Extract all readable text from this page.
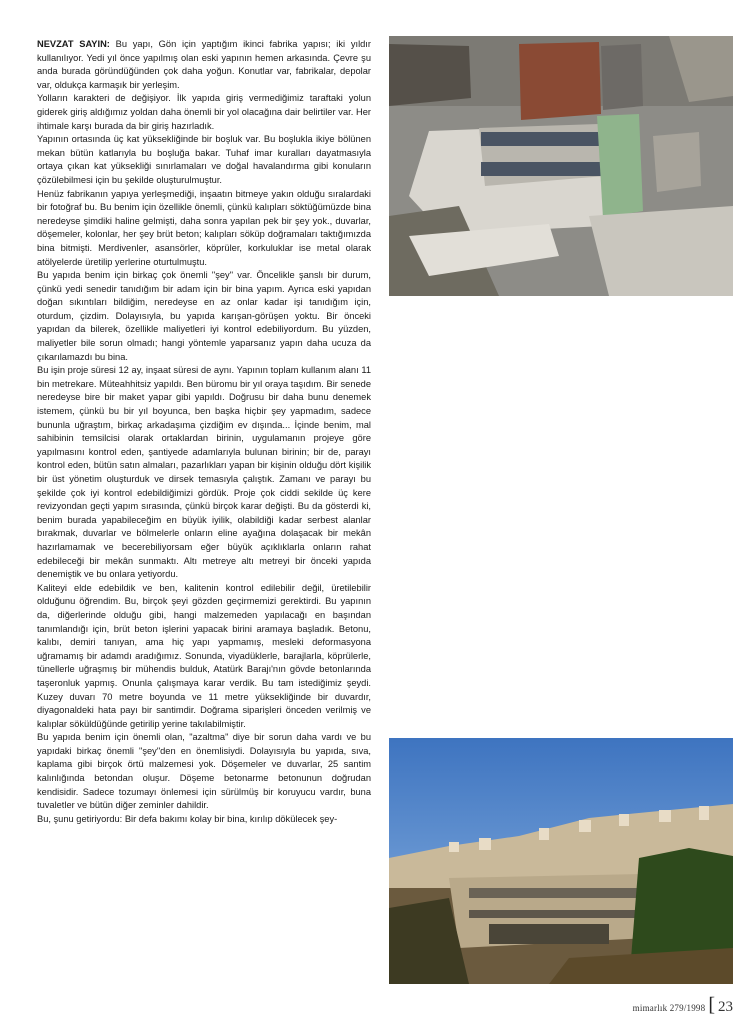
NEVZAT SAYIN: Bu yapı, Gön için yaptığım ikinci fabrika yapısı; iki yıldır kullanılıyor. Yedi yıl önce yapılmış olan eski yapının hemen arkasında. Çevre şu anda burada göründüğünden çok daha yoğun. Konutlar var, fabrikalar, depolar var, oldukça karmaşık bir yerleşim.

Yolların karakteri de değişiyor. İlk yapıda giriş vermediğimiz taraftaki yolun giderek giriş aldığımız yoldan daha önemli bir yol olacağına dair belirtiler var. Her ihtimale karşı burada da bir giriş hazırladık.

Yapının ortasında üç kat yüksekliğinde bir boşluk var. Bu boşlukla ikiye bölünen mekan bütün katlarıyla bu boşluğa bakar. Tuhaf imar kuralları dayatmasıyla ortaya çıkan kat yüksekliği sınırlamaları ve doğal havalandırma gibi konuların çözülebilmesi için bu şekilde oluşturulmuştur.

Henüz fabrikanın yapıya yerleşmediği, inşaatın bitmeye yakın olduğu sıralardaki bir fotoğraf bu. Bu benim için özellikle önemli, çünkü kalıpları söktüğümüzde bina neredeyse şimdiki haline gelmişti, daha sonra yapılan pek bir şey yok., duvarlar, döşemeler, kolonlar, her şey brüt beton; kalıpları söküp doğramaları taktığımızda bina bitmişti. Merdivenler, asansörler, köprüler, korkuluklar ise metal olarak atölyelerde üretilip yerlerine oturtulmuştu.

Bu yapıda benim için birkaç çok önemli "şey" var. Öncelikle şanslı bir durum, çünkü yedi senedir tanıdığım bir adam için bir bina yapım. Ayrıca eski yapıdan doğan sıkıntıları bildiğim, neredeyse en az onlar kadar işi tanıdığım için, oturdum, çizdim. Dolayısıyla, bu yapıda karışan-görüşen yoktu. Bir önceki yapıdan da bilerek, özellikle maliyetleri iyi kontrol edebiliyordum. Bu yüzden, maliyetler bile sorun olmadı; hangi yöntemle yaparsanız yapın daha ucuza da çıkarılamazdı bu bina.

Bu işin proje süresi 12 ay, inşaat süresi de aynı. Yapının toplam kullanım alanı 11 bin metrekare. Müteahhitsiz yapıldı. Ben büromu bir yıl oraya taşıdım. Bir senede neredeyse bire bir maket yapar gibi yapıldı. Doğrusu bir daha bunu denemek istemem, çünkü bu bir yıl boyunca, ben başka hiçbir şey yapmadım, sadece bununla uğraştım, birkaç arkadaşıma çizdiğim ev dışında... İçinde benim, mal sahibinin temsilcisi olarak ortaklardan birinin, uygulamanın projeye göre yapılmasını kontrol eden, şantiyede adamlarıyla bulunan birinin; bir de, parayı kontrol eden, bütün satın almaları, pazarlıkları yapan bir kişinin olduğu dört kişilik bir üst yönetim oluşturduk ve dirsek temasıyla çalıştık. Zamanı ve parayı bu şekilde çok iyi kontrol edebildiğimizi gördük. Proje çok ciddi sekilde üç kere revizyondan geçti yapım sırasında, çünkü birçok karar değişti. Bu da gösterdi ki, benim burada yapabileceğim en büyük iyilik, olabildiği kadar serbest alanlar bırakmak, duvarlar ve bölmelerle onların eline ayağına dolaşacak bir mekân hazırlamamak ve becerebiliyorsam eğer büyük açıklıklarla onların rahat edebileceği bir mekân sunmaktı. Altı metreye altı metreyi bir önceki yapıda denemiştik ve bu onlara yetiyordu.

Kaliteyi elde edebildik ve ben, kalitenin kontrol edilebilir değil, üretilebilir olduğunu öğrendim. Bu, birçok şeyi gözden geçirmemizi gerektirdi. Bu yapının da, diğerlerinde olduğu gibi, hangi malzemeden yapılacağı en başından tanımlandığı için, brüt beton işlerini yapacak birini aramaya başladık. Betonu, kalıbı, demiri tanıyan, ama hiç yapı yapmamış, mesleki deformasyona uğramamış bir adamdı aradığımız. Sonunda, viyadüklerle, barajlarla, köprülerle, tünellerle uğraşmış bir mühendis bulduk, Atatürk Barajı'nın gövde betonlarında taşeronluk yapmış. Onunla çalışmaya karar verdik. Bu tam istediğimiz şeydi. Kuzey duvarı 70 metre boyunda ve 11 metre yüksekliğinde bir duvardır, diyagonaldeki hata payı bir santimdir. Doğrama siparişleri önceden verilmiş ve kalıplar söküldüğünde getirilip yerine takılabilmiştir.

Bu yapıda benim için önemli olan, "azaltma" diye bir sorun daha vardı ve bu yapıdaki birkaç önemli "şey"den en önemlisiydi. Dolayısıyla bu yapıda, sıva, kaplama gibi birçok örtü malzemesi yok. Döşemeler ve duvarlar, 25 santim kalınlığında betondan oluşur. Döşeme betonarme betonunun doğrudan kendisidir. Sadece tozumayı önlemesi için sürülmüş bir koruyucu vardır, buna tuvaletler ve bütün diğer zeminler dahildir.

Bu, şunu getiriyordu: Bir defa bakımı kolay bir bina, kırılıp dökülecek şey-

mimarlık 279/1998 [ 23
